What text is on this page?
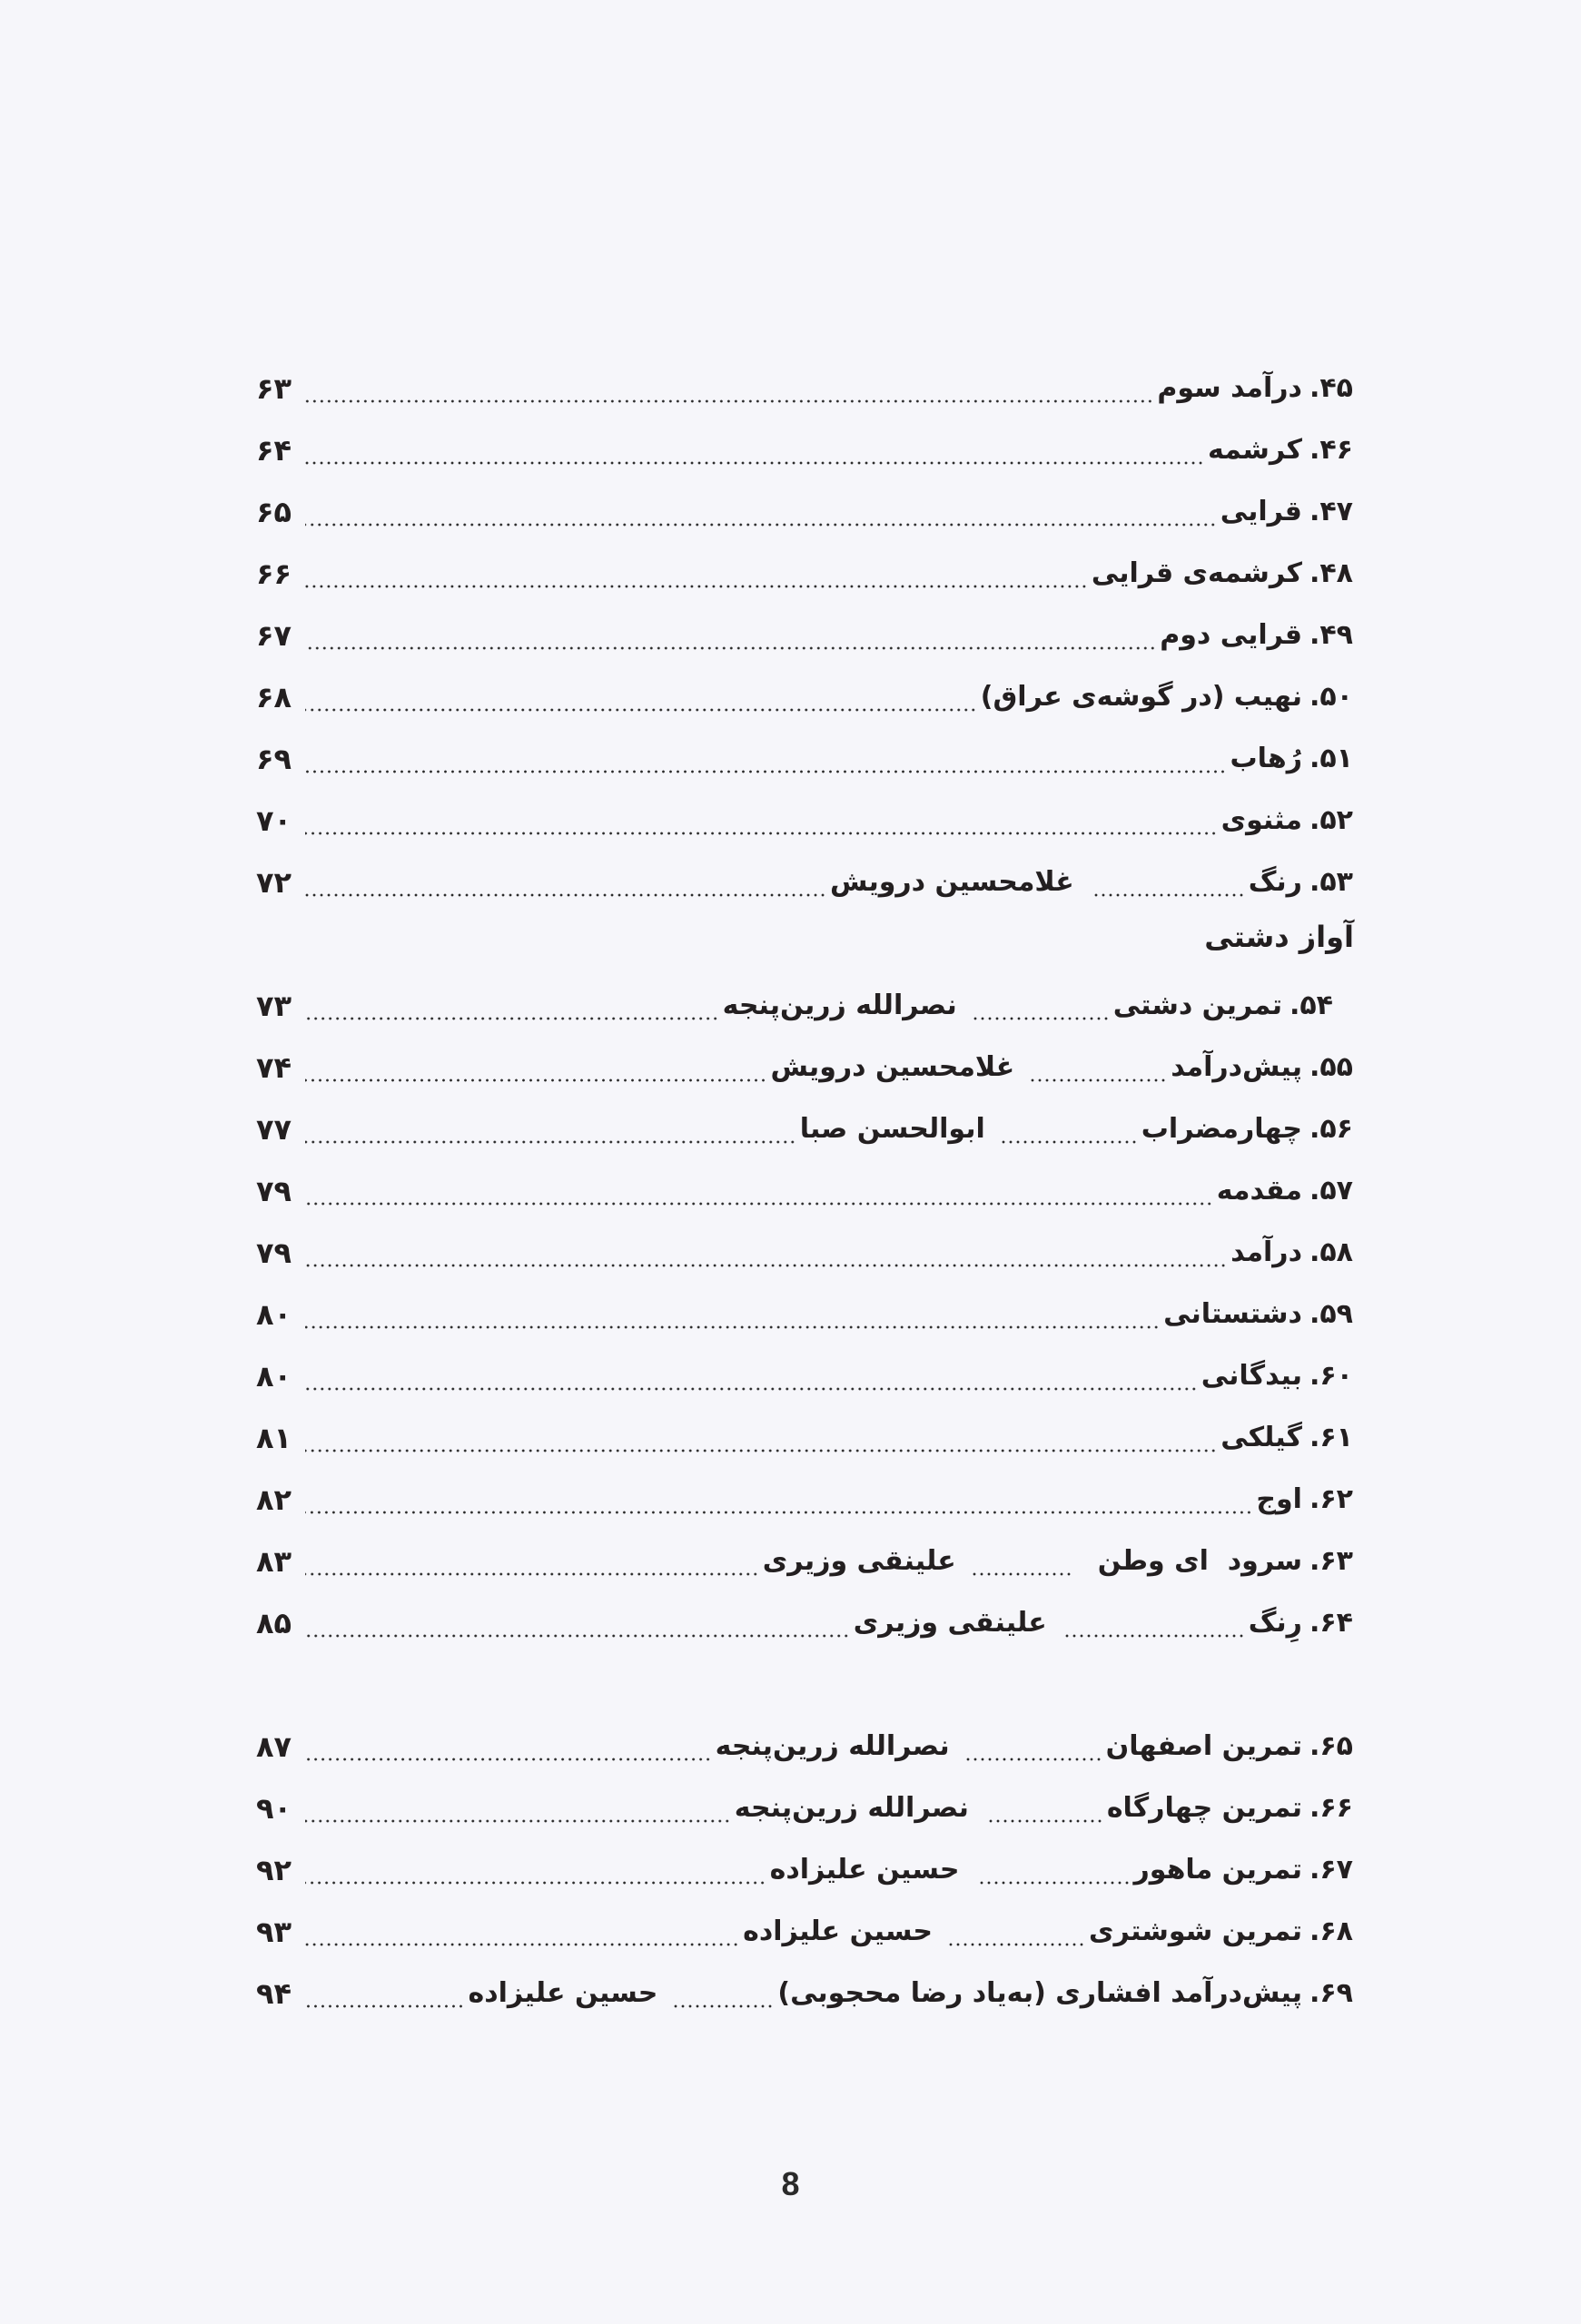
۴۵.
درآمد سوم
۶۳
۴۶.
کرشمه
۶۴
۴۷.
قرایی
۶۵
۴۸.
کرشمه‌ی قرایی
۶۶
۴۹.
قرایی دوم
۶۷
۵۰.
نهیب (در گوشه‌ی عراق)
۶۸
۵۱.
رُهاب
۶۹
۵۲.
مثنوی
۷۰
۵۳.
رنگ
غلامحسین درویش
۷۲
آواز دشتی
۵۴.
تمرین دشتی
نصرالله زرین‌پنجه
۷۳
۵۵.
پیش‌درآمد
غلامحسین درویش
۷۴
۵۶.
چهارمضراب
ابوالحسن صبا
۷۷
۵۷.
مقدمه
۷۹
۵۸.
درآمد
۷۹
۵۹.
دشتستانی
۸۰
۶۰.
بیدگانی
۸۰
۶۱.
گیلکی
۸۱
۶۲.
اوج
۸۲
۶۳.
سرود  ای وطن
علینقی وزیری
۸۳
۶۴.
رِنگ
علینقی وزیری
۸۵
۶۵.
تمرین اصفهان
نصرالله زرین‌پنجه
۸۷
۶۶.
تمرین چهارگاه
نصرالله زرین‌پنجه
۹۰
۶۷.
تمرین ماهور
حسین علیزاده
۹۲
۶۸.
تمرین شوشتری
حسین علیزاده
۹۳
۶۹.
پیش‌درآمد افشاری (به‌یاد رضا محجوبی)
حسین علیزاده
۹۴
8
